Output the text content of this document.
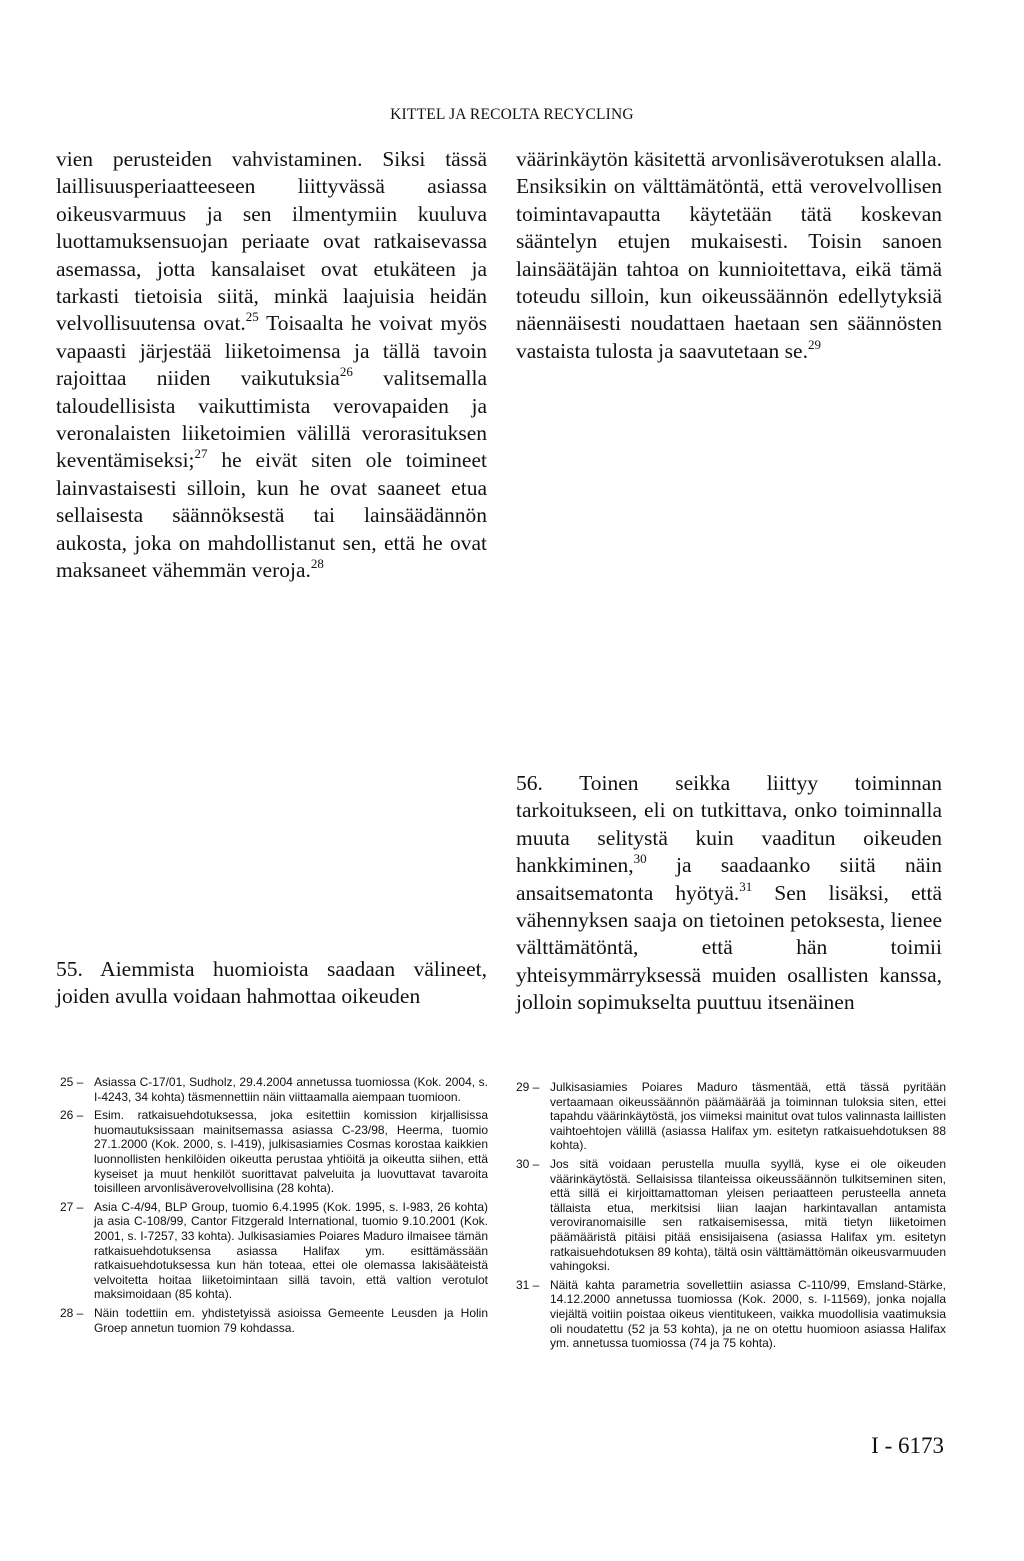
KITTEL JA RECOLTA RECYCLING

vien perusteiden vahvistaminen. Siksi tässä laillisuusperiaatteeseen liittyvässä asiassa oikeusvarmuus ja sen ilmentymiin kuuluva luottamuksensuojan periaate ovat ratkaisevassa asemassa, jotta kansalaiset ovat etukäteen ja tarkasti tietoisia siitä, minkä laajuisia heidän velvollisuutensa ovat.$^{25}$ Toisaalta he voivat myös vapaasti järjestää liiketoimensa ja tällä tavoin rajoittaa niiden vaikutuksia$^{26}$ valitsemalla taloudellisista vaikuttimista verovapaiden ja veronalaisten liiketoimien välillä verorasituksen keventämiseksi;$^{27}$ he eivät siten ole toimineet lainvastaisesti silloin, kun he ovat saaneet etua sellaisesta säännöksestä tai lainsäädännön aukosta, joka on mahdollistanut sen, että he ovat maksaneet vähemmän veroja.$^{28}$

väärinkäytön käsitettä arvonlisäverotuksen alalla. Ensiksikin on välttämätöntä, että verovelvollisen toimintavapautta käytetään tätä koskevan sääntelyn etujen mukaisesti. Toisin sanoen lainsäätäjän tahtoa on kunnioitettava, eikä tämä toteudu silloin, kun oikeussäännön edellytyksiä näennäisesti noudattaen haetaan sen säännösten vastaista tulosta ja saavutetaan se.$^{29}$

55. Aiemmista huomioista saadaan välineet, joiden avulla voidaan hahmottaa oikeuden

56. Toinen seikka liittyy toiminnan tarkoitukseen, eli on tutkittava, onko toiminnalla muuta selitystä kuin vaaditun oikeuden hankkiminen,$^{30}$ ja saadaanko siitä näin ansaitsematonta hyötyä.$^{31}$ Sen lisäksi, että vähennyksen saaja on tietoinen petoksesta, lienee välttämätöntä, että hän toimii yhteisymmärryksessä muiden osallisten kanssa, jolloin sopimukselta puuttuu itsenäinen

25 – Asiassa C-17/01, Sudholz, 29.4.2004 annetussa tuomiossa (Kok. 2004, s. I-4243, 34 kohta) täsmennettiin näin viittaamalla aiempaan tuomioon.
26 – Esim. ratkaisuehdotuksessa, joka esitettiin komission kirjallisissa huomautuksissaan mainitsemassa asiassa C-23/98, Heerma, tuomio 27.1.2000 (Kok. 2000, s. I-419), julkisasiamies Cosmas korostaa kaikkien luonnollisten henkilöiden oikeutta perustaa yhtiöitä ja oikeutta siihen, että kyseiset ja muut henkilöt suorittavat palveluita ja luovuttavat tavaroita toisilleen arvonlisäverovelvollisina (28 kohta).
27 – Asia C-4/94, BLP Group, tuomio 6.4.1995 (Kok. 1995, s. I-983, 26 kohta) ja asia C-108/99, Cantor Fitzgerald International, tuomio 9.10.2001 (Kok. 2001, s. I-7257, 33 kohta). Julkisasiamies Poiares Maduro ilmaisee tämän ratkaisuehdotuksensa asiassa Halifax ym. esittämässään ratkaisuehdotuksessa kun hän toteaa, ettei ole olemassa lakisääteistä velvoitetta hoitaa liiketoimintaan sillä tavoin, että valtion verotulot maksimoidaan (85 kohta).
28 – Näin todettiin em. yhdistetyissä asioissa Gemeente Leusden ja Holin Groep annetun tuomion 79 kohdassa.
29 – Julkisasiamies Poiares Maduro täsmentää, että tässä pyritään vertaamaan oikeussäännön päämäärää ja toiminnan tuloksia siten, ettei tapahdu väärinkäytöstä, jos viimeksi mainitut ovat tulos valinnasta laillisten vaihtoehtojen välillä (asiassa Halifax ym. esitetyn ratkaisuehdotuksen 88 kohta).
30 – Jos sitä voidaan perustella muulla syyllä, kyse ei ole oikeuden väärinkäytöstä. Sellaisissa tilanteissa oikeussäännön tulkitseminen siten, että sillä ei kirjoittamattoman yleisen periaatteen perusteella anneta tällaista etua, merkitsisi liian laajan harkintavallan antamista veroviranomaisille sen ratkaisemisessa, mitä tietyn liiketoimen päämääristä pitäisi pitää ensisijaisena (asiassa Halifax ym. esitetyn ratkaisuehdotuksen 89 kohta), tältä osin välttämättömän oikeusvarmuuden vahingoksi.
31 – Näitä kahta parametria sovellettiin asiassa C-110/99, Emsland-Stärke, 14.12.2000 annetussa tuomiossa (Kok. 2000, s. I-11569), jonka nojalla viejältä voitiin poistaa oikeus vientitukeen, vaikka muodollisia vaatimuksia oli noudatettu (52 ja 53 kohta), ja ne on otettu huomioon asiassa Halifax ym. annetussa tuomiossa (74 ja 75 kohta).
I - 6173
